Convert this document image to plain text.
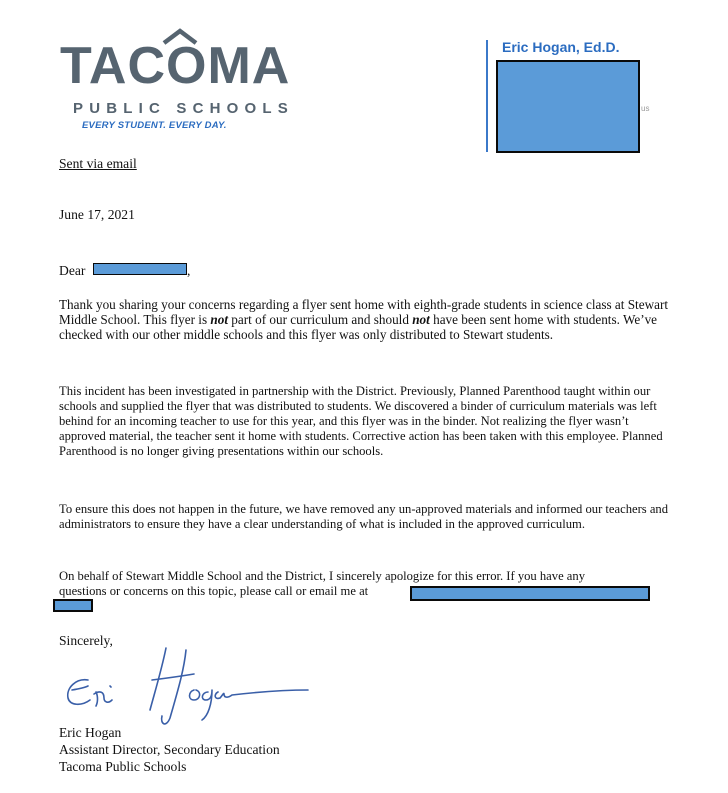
TACOMA
PUBLIC SCHOOLS
EVERY STUDENT. EVERY DAY.
Eric Hogan, Ed.D.
us
Sent via email
June 17, 2021
Dear	,
Thank you sharing your concerns regarding a flyer sent home with eighth-grade students in science class at Stewart Middle School. This flyer is not part of our curriculum and should not have been sent home with students. We’ve checked with our other middle schools and this flyer was only distributed to Stewart students.
This incident has been investigated in partnership with the District. Previously, Planned Parenthood taught within our schools and supplied the flyer that was distributed to students. We discovered a binder of curriculum materials was left behind for an incoming teacher to use for this year, and this flyer was in the binder. Not realizing the flyer wasn’t approved material, the teacher sent it home with students. Corrective action has been taken with this employee. Planned Parenthood is no longer giving presentations within our schools.
To ensure this does not happen in the future, we have removed any un-approved materials and informed our teachers and administrators to ensure they have a clear understanding of what is included in the approved curriculum.
On behalf of Stewart Middle School and the District, I sincerely apologize for this error. If you have any
questions or concerns on this topic, please call or email me at
Sincerely,
Eric Hogan
Assistant Director, Secondary Education
Tacoma Public Schools
